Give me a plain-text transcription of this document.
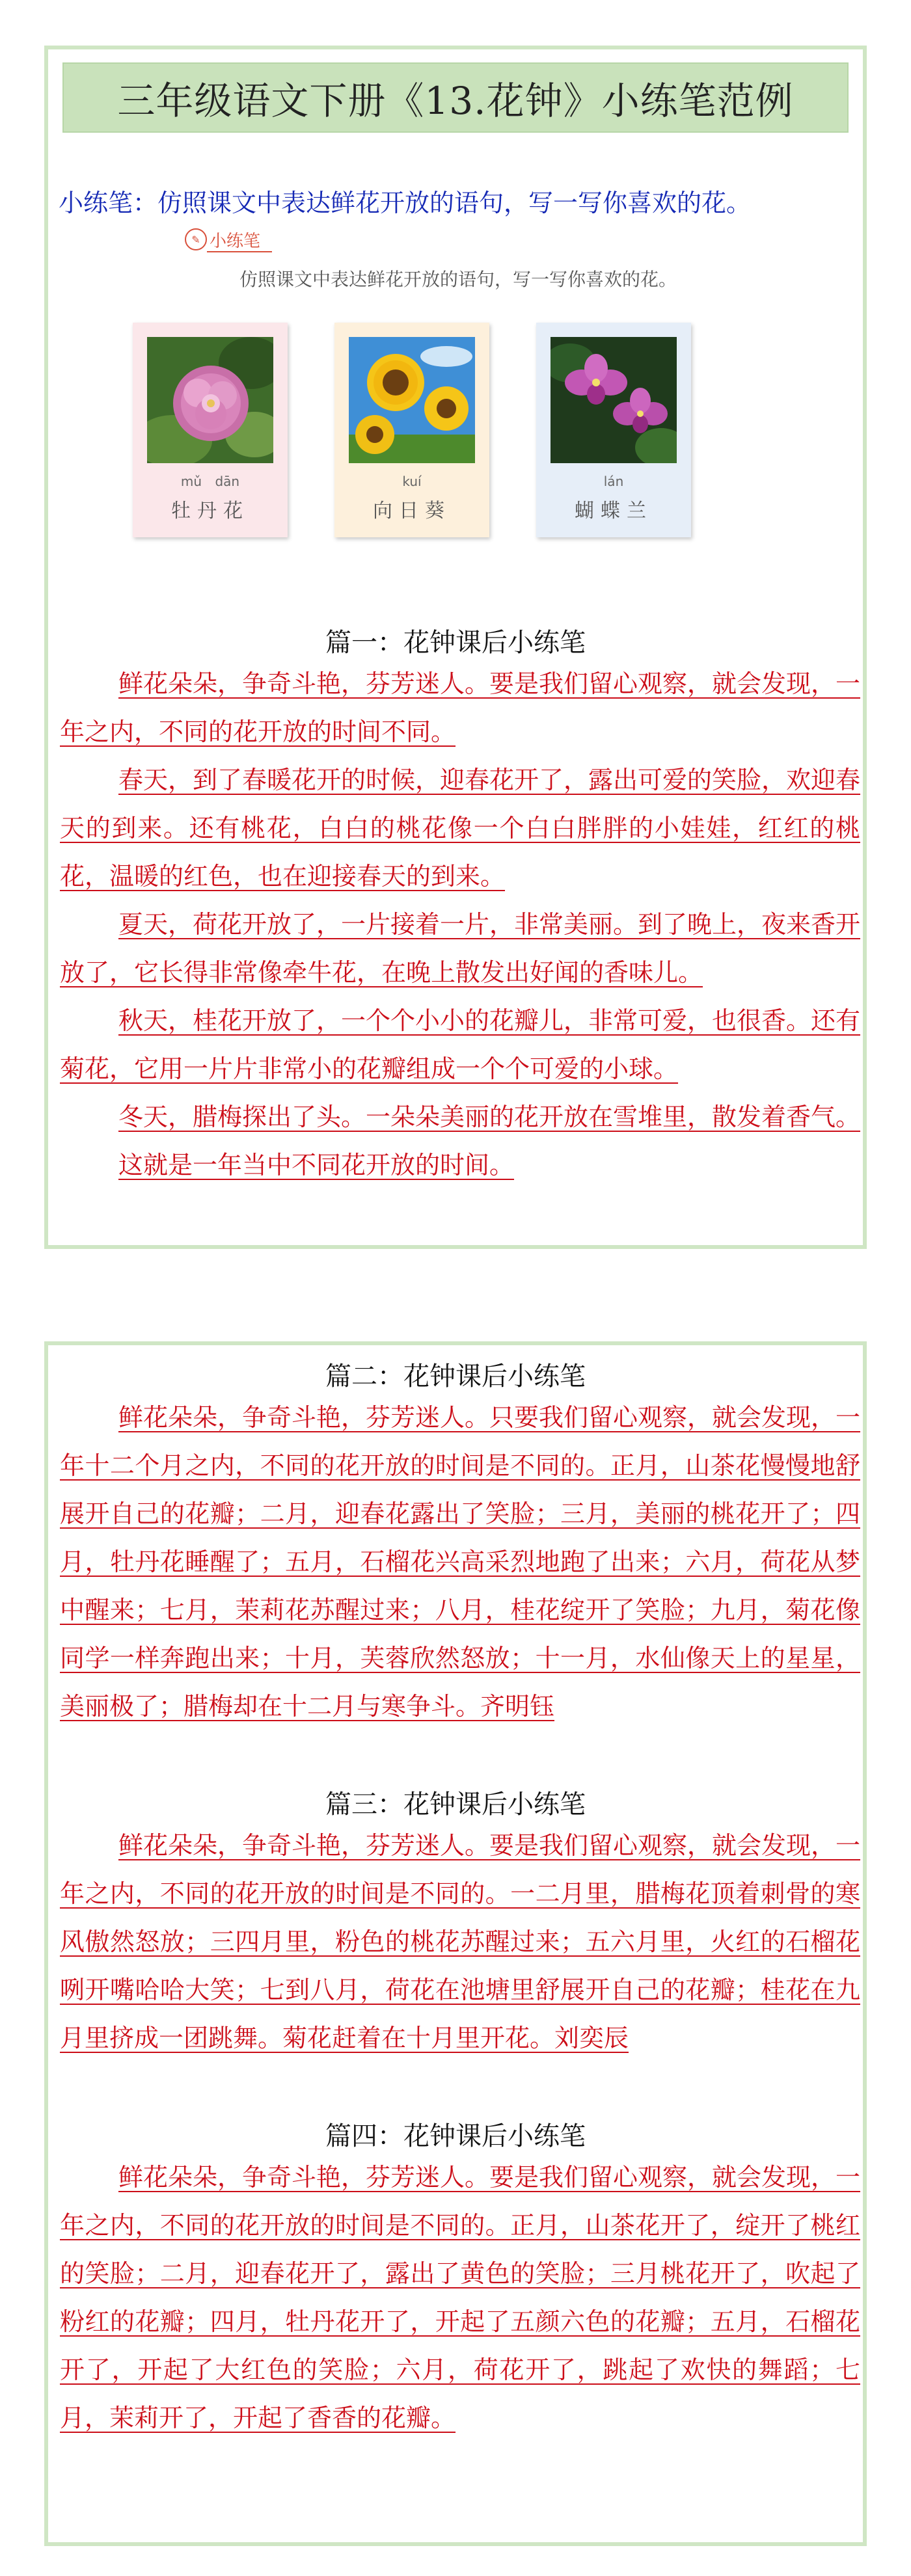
三年级语文下册《13.花钟》小练笔范例
小练笔：仿照课文中表达鲜花开放的语句，写一写你喜欢的花。
✎ 小练笔
仿照课文中表达鲜花开放的语句，写一写你喜欢的花。
mǔ dān
牡丹花
kuí
向日葵
lán
蝴蝶兰
篇一：花钟课后小练笔

鲜花朵朵，争奇斗艳，芬芳迷人。要是我们留心观察，就会发现，一年之内，不同的花开放的时间不同。

春天，到了春暖花开的时候，迎春花开了，露出可爱的笑脸，欢迎春天的到来。还有桃花，白白的桃花像一个白白胖胖的小娃娃，红红的桃花，温暖的红色，也在迎接春天的到来。

夏天，荷花开放了，一片接着一片，非常美丽。到了晚上，夜来香开放了，它长得非常像牵牛花，在晚上散发出好闻的香味儿。

秋天，桂花开放了，一个个小小的花瓣儿，非常可爱，也很香。还有菊花，它用一片片非常小的花瓣组成一个个可爱的小球。

冬天，腊梅探出了头。一朵朵美丽的花开放在雪堆里，散发着香气。

这就是一年当中不同花开放的时间。

篇二：花钟课后小练笔

鲜花朵朵，争奇斗艳，芬芳迷人。只要我们留心观察，就会发现，一年十二个月之内，不同的花开放的时间是不同的。正月，山茶花慢慢地舒展开自己的花瓣；二月，迎春花露出了笑脸；三月，美丽的桃花开了；四月，牡丹花睡醒了；五月，石榴花兴高采烈地跑了出来；六月，荷花从梦中醒来；七月，茉莉花苏醒过来；八月，桂花绽开了笑脸；九月，菊花像同学一样奔跑出来；十月，芙蓉欣然怒放；十一月，水仙像天上的星星，美丽极了；腊梅却在十二月与寒争斗。齐明钰

篇三：花钟课后小练笔

鲜花朵朵，争奇斗艳，芬芳迷人。要是我们留心观察，就会发现，一年之内，不同的花开放的时间是不同的。一二月里，腊梅花顶着刺骨的寒风傲然怒放；三四月里，粉色的桃花苏醒过来；五六月里，火红的石榴花咧开嘴哈哈大笑；七到八月，荷花在池塘里舒展开自己的花瓣；桂花在九月里挤成一团跳舞。菊花赶着在十月里开花。刘奕辰

篇四：花钟课后小练笔

鲜花朵朵，争奇斗艳，芬芳迷人。要是我们留心观察，就会发现，一年之内，不同的花开放的时间是不同的。正月，山茶花开了，绽开了桃红的笑脸；二月，迎春花开了，露出了黄色的笑脸；三月桃花开了，吹起了粉红的花瓣；四月，牡丹花开了，开起了五颜六色的花瓣；五月，石榴花开了，开起了大红色的笑脸；六月，荷花开了，跳起了欢快的舞蹈；七月，茉莉开了，开起了香香的花瓣。
